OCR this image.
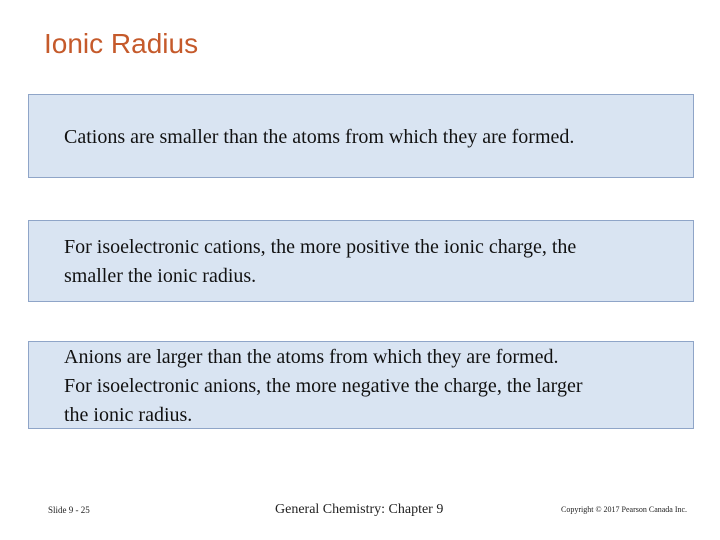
Ionic Radius
Cations are smaller than the atoms from which they are formed.
For isoelectronic cations, the more positive the ionic charge, the
smaller the ionic radius.
Anions are larger than the atoms from which they are formed.
For isoelectronic anions, the more negative the charge, the larger
the ionic radius.
Slide 9 - 25	General Chemistry: Chapter 9	Copyright © 2017 Pearson Canada Inc.
